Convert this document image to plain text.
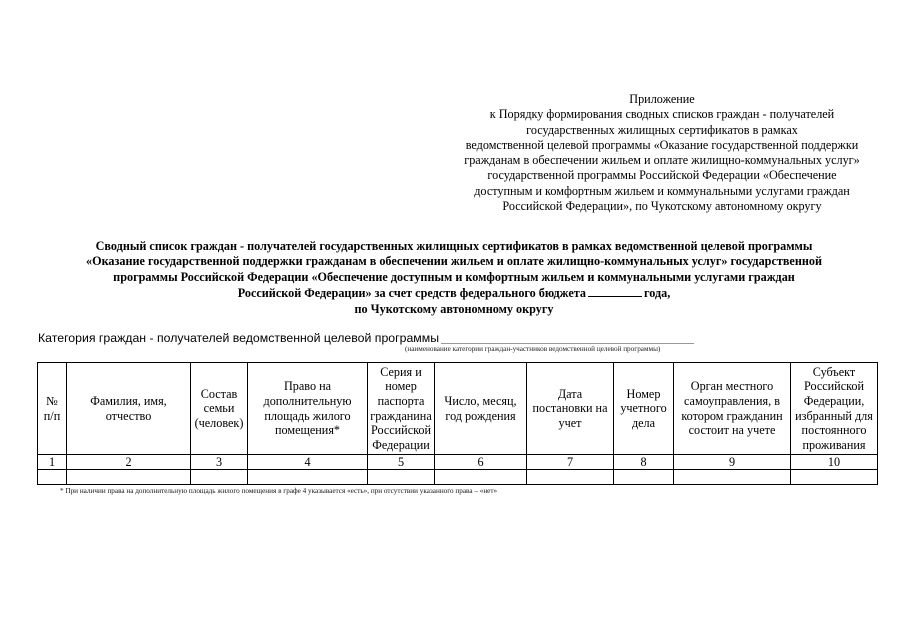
Приложение
к Порядку формирования сводных списков граждан - получателей
государственных жилищных сертификатов в рамках
ведомственной целевой программы «Оказание государственной поддержки
гражданам в обеспечении жильем и оплате жилищно-коммунальных услуг»
государственной программы Российской Федерации «Обеспечение
доступным и комфортным жильем и коммунальными услугами граждан
Российской Федерации», по Чукотскому автономному округу
Сводный список граждан - получателей государственных жилищных сертификатов в рамках ведомственной целевой программы
«Оказание государственной поддержки гражданам в обеспечении жильем и оплате жилищно-коммунальных услуг» государственной
программы Российской Федерации «Обеспечение доступным и комфортным жильем и коммунальными услугами граждан
Российской Федерации» за счет средств федерального бюджета	года,
по Чукотскому автономному округу
Категория граждан - получателей ведомственной целевой программы
(наименование категории граждан-участников ведомственной целевой программы)
№ п/п	Фамилия, имя, отчество	Состав семьи (человек)	Право на дополнительную площадь жилого помещения*	Серия и номер паспорта гражданина Российской Федерации	Число, месяц, год рождения	Дата постановки на учет	Номер учетного дела	Орган местного самоуправления, в котором гражданин состоит на учете	Субъект Российской Федерации, избранный для постоянного проживания
1	2	3	4	5	6	7	8	9	10

* При наличии права на дополнительную площадь жилого помещения в графе 4 указывается «есть», при отсутствии указанного права – «нет»
